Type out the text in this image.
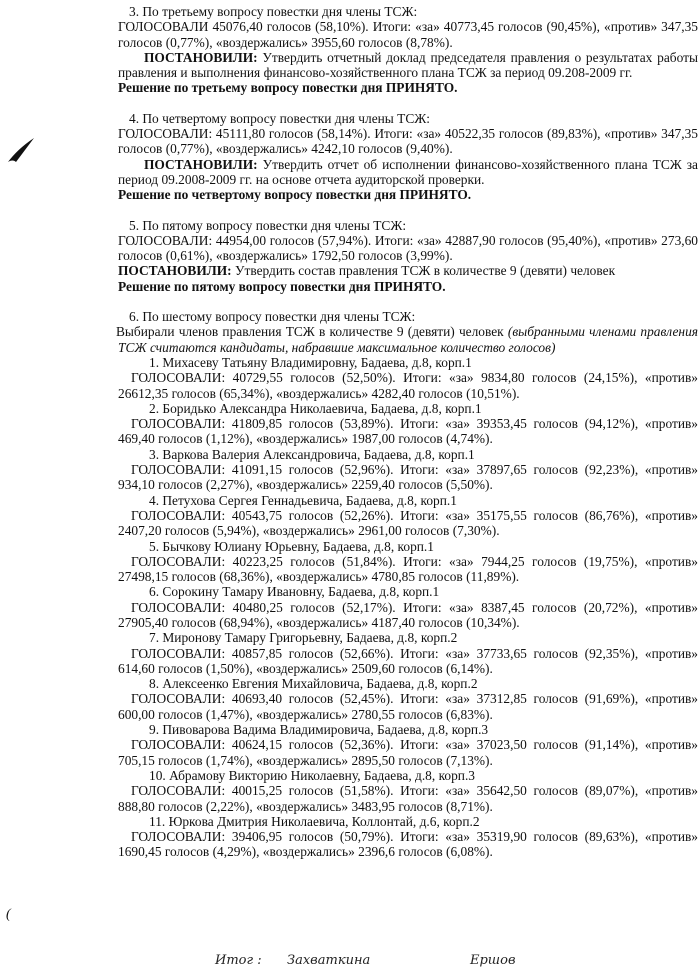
(

3. По третьему вопросу повестки дня члены ТСЖ:

ГОЛОСОВАЛИ 45076,40 голосов (58,10%). Итоги: «за» 40773,45 голосов (90,45%), «против» 347,35 голосов (0,77%), «воздержались» 3955,60 голосов (8,78%).

ПОСТАНОВИЛИ: Утвердить отчетный доклад председателя правления о результатах работы правления и выполнения финансово-хозяйственного плана ТСЖ за период 09.208-2009 гг.

Решение по третьему вопросу повестки дня ПРИНЯТО.

4. По четвертому вопросу повестки дня члены ТСЖ:

ГОЛОСОВАЛИ: 45111,80 голосов (58,14%). Итоги: «за» 40522,35 голосов (89,83%), «против» 347,35 голосов (0,77%), «воздержались» 4242,10 голосов (9,40%).

ПОСТАНОВИЛИ: Утвердить отчет об исполнении финансово-хозяйственного плана ТСЖ за период 09.2008-2009 гг. на основе отчета аудиторской проверки.

Решение по четвертому вопросу повестки дня ПРИНЯТО.

5. По пятому вопросу повестки дня члены ТСЖ:

ГОЛОСОВАЛИ: 44954,00 голосов (57,94%). Итоги: «за» 42887,90 голосов (95,40%), «против» 273,60 голосов (0,61%), «воздержались» 1792,50 голосов (3,99%).

ПОСТАНОВИЛИ: Утвердить состав правления ТСЖ в количестве 9 (девяти) человек

Решение по пятому вопросу повестки дня ПРИНЯТО.

6. По шестому вопросу повестки дня члены ТСЖ:

Выбирали членов правления ТСЖ в количестве 9 (девяти) человек (выбранными членами правления ТСЖ считаются кандидаты, набравшие максимальное количество голосов)

1. Михасеву Татьяну Владимировну, Бадаева, д.8, корп.1

ГОЛОСОВАЛИ: 40729,55 голосов (52,50%). Итоги: «за» 9834,80 голосов (24,15%), «против» 26612,35 голосов (65,34%), «воздержались» 4282,40 голосов (10,51%).

2. Боридько Александра Николаевича, Бадаева, д.8, корп.1

ГОЛОСОВАЛИ: 41809,85 голосов (53,89%). Итоги: «за» 39353,45 голосов (94,12%), «против» 469,40 голосов (1,12%), «воздержались» 1987,00 голосов (4,74%).

3. Варкова Валерия Александровича, Бадаева, д.8, корп.1

ГОЛОСОВАЛИ: 41091,15 голосов (52,96%). Итоги: «за» 37897,65 голосов (92,23%), «против» 934,10 голосов (2,27%), «воздержались» 2259,40 голосов (5,50%).

4. Петухова Сергея Геннадьевича, Бадаева, д.8, корп.1

ГОЛОСОВАЛИ: 40543,75 голосов (52,26%). Итоги: «за» 35175,55 голосов (86,76%), «против» 2407,20 голосов (5,94%), «воздержались» 2961,00 голосов (7,30%).

5. Бычкову Юлиану Юрьевну, Бадаева, д.8, корп.1

ГОЛОСОВАЛИ: 40223,25 голосов (51,84%). Итоги: «за» 7944,25 голосов (19,75%), «против» 27498,15 голосов (68,36%), «воздержались» 4780,85 голосов (11,89%).

6. Сорокину Тамару Ивановну, Бадаева, д.8, корп.1

ГОЛОСОВАЛИ: 40480,25 голосов (52,17%). Итоги: «за» 8387,45 голосов (20,72%), «против» 27905,40 голосов (68,94%), «воздержались» 4187,40 голосов (10,34%).

7. Миронову Тамару Григорьевну, Бадаева, д.8, корп.2

ГОЛОСОВАЛИ: 40857,85 голосов (52,66%). Итоги: «за» 37733,65 голосов (92,35%), «против» 614,60 голосов (1,50%), «воздержались» 2509,60 голосов (6,14%).

8. Алексеенко Евгения Михайловича, Бадаева, д.8, корп.2

ГОЛОСОВАЛИ: 40693,40 голосов (52,45%). Итоги: «за» 37312,85 голосов (91,69%), «против» 600,00 голосов (1,47%), «воздержались» 2780,55 голосов (6,83%).

9. Пивоварова Вадима Владимировича, Бадаева, д.8, корп.3

ГОЛОСОВАЛИ: 40624,15 голосов (52,36%). Итоги: «за» 37023,50 голосов (91,14%), «против» 705,15 голосов (1,74%), «воздержались» 2895,50 голосов (7,13%).

10. Абрамову Викторию Николаевну, Бадаева, д.8, корп.3

ГОЛОСОВАЛИ: 40015,25 голосов (51,58%). Итоги: «за» 35642,50 голосов (89,07%), «против» 888,80 голосов (2,22%), «воздержались» 3483,95 голосов (8,71%).

11. Юркова Дмитрия Николаевича, Коллонтай, д.6, корп.2

ГОЛОСОВАЛИ: 39406,95 голосов (50,79%). Итоги: «за» 35319,90 голосов (89,63%), «против» 1690,45 голосов (4,29%), «воздержались» 2396,6 голосов (6,08%).

Итог : Захваткина	Ершов
